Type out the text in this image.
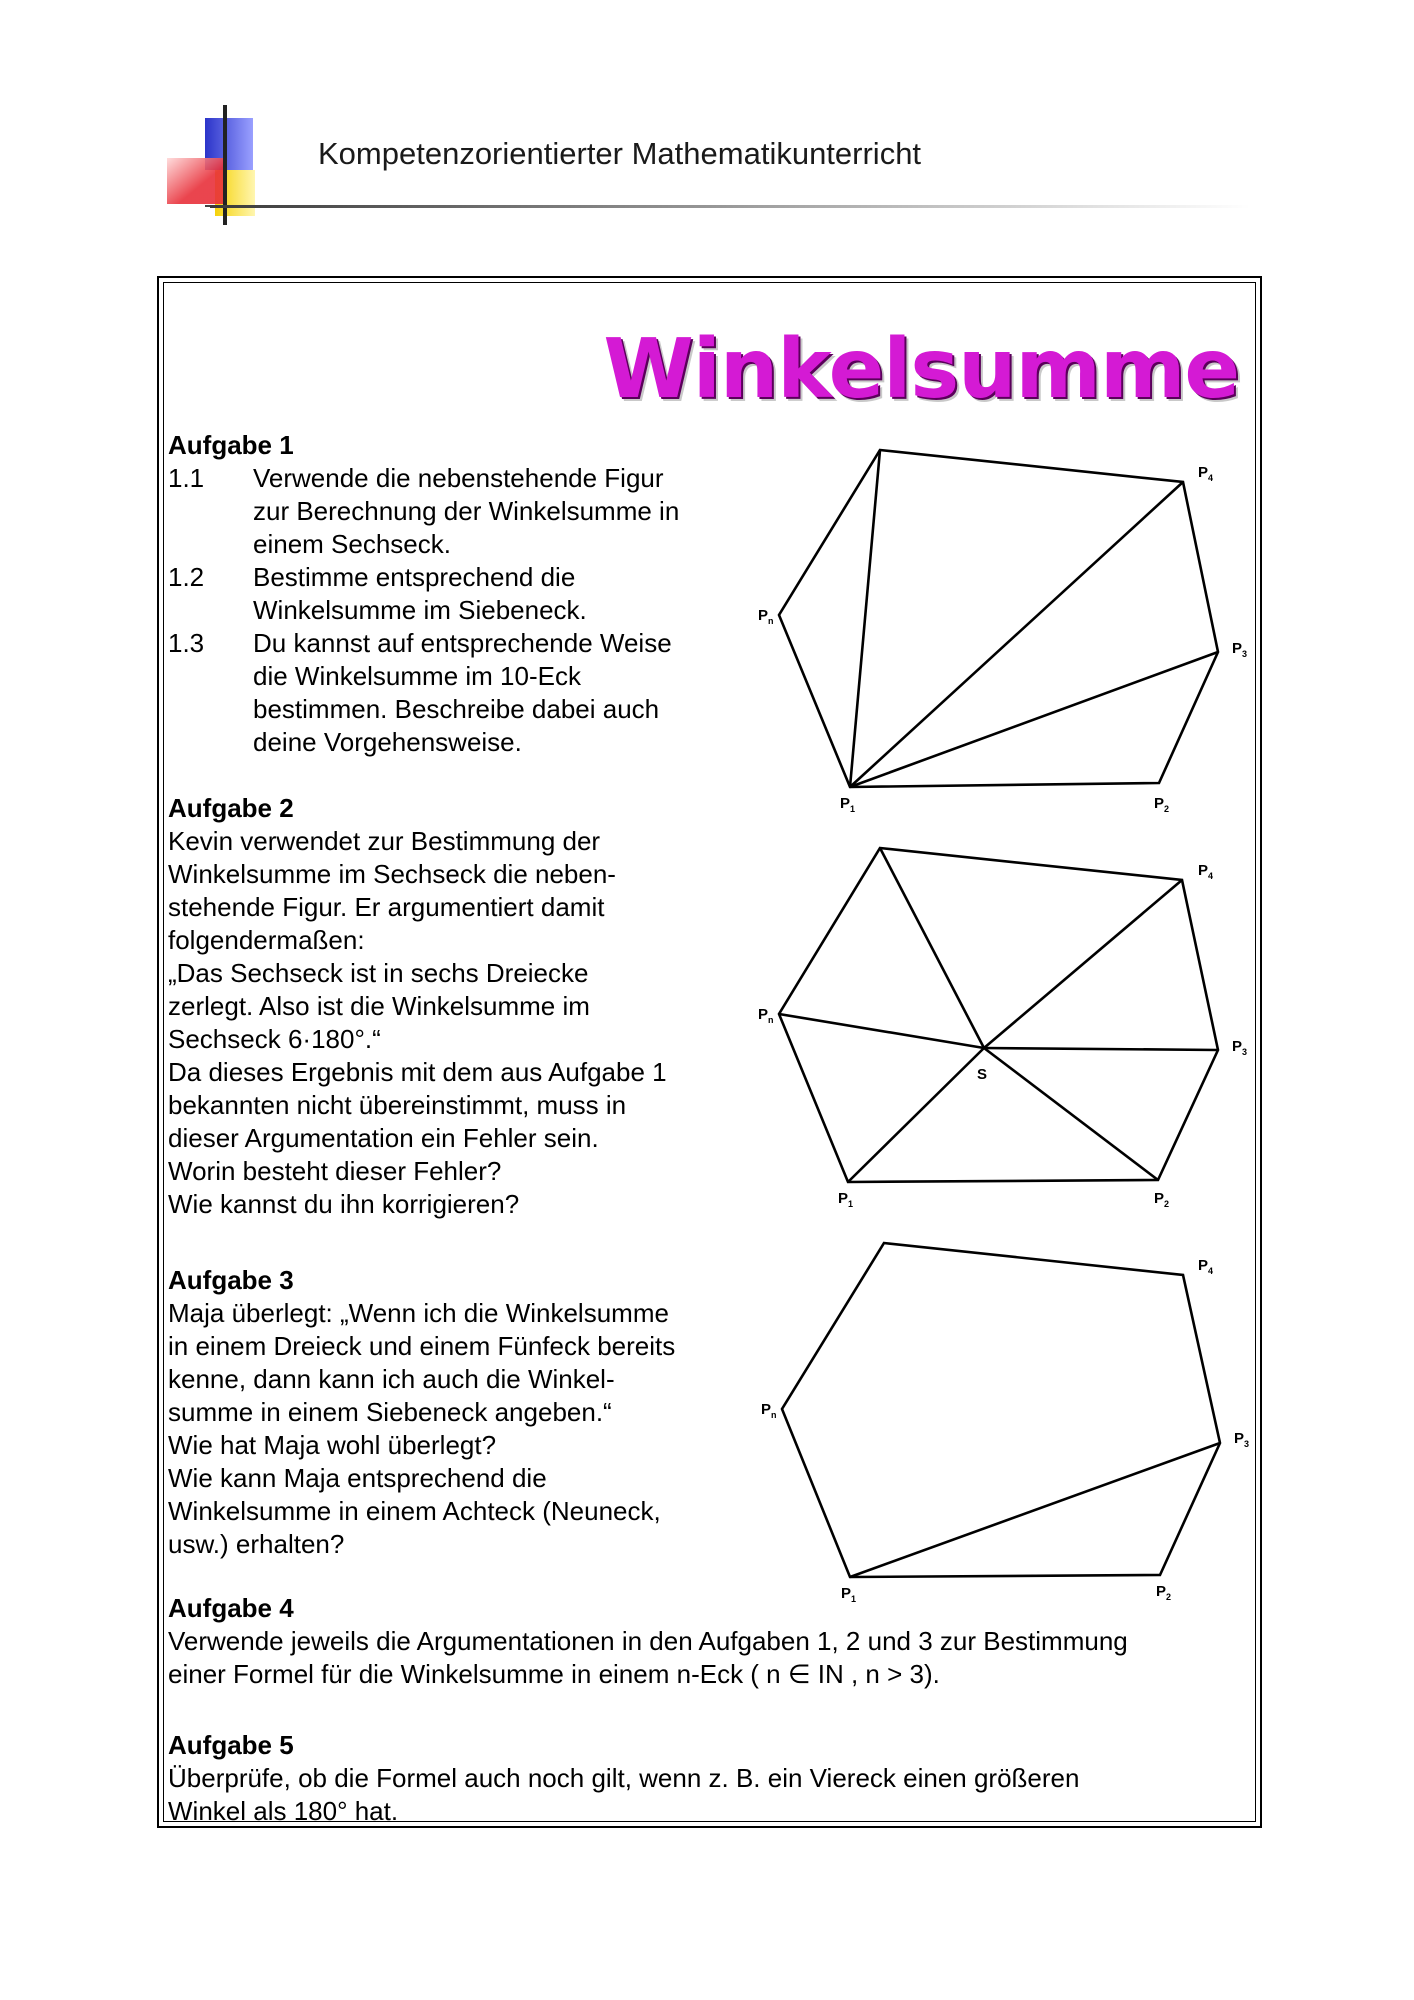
Kompetenzorientierter Mathematikunterricht
Winkelsumme
Aufgabe 1
1.1 Verwende die nebenstehende Figur
zur Berechnung der Winkelsumme in
einem Sechseck.
1.2 Bestimme entsprechend die
Winkelsumme im Siebeneck.
1.3 Du kannst auf entsprechende Weise
die Winkelsumme im 10-Eck
bestimmen. Beschreibe dabei auch
deine Vorgehensweise.
Aufgabe 2
Kevin verwendet zur Bestimmung der
Winkelsumme im Sechseck die neben-
stehende Figur. Er argumentiert damit
folgendermaßen:
„Das Sechseck ist in sechs Dreiecke
zerlegt. Also ist die Winkelsumme im
Sechseck 6·180°.“
Da dieses Ergebnis mit dem aus Aufgabe 1
bekannten nicht übereinstimmt, muss in
dieser Argumentation ein Fehler sein.
Worin besteht dieser Fehler?
Wie kannst du ihn korrigieren?
Aufgabe 3
Maja überlegt: „Wenn ich die Winkelsumme
in einem Dreieck und einem Fünfeck bereits
kenne, dann kann ich auch die Winkel-
summe in einem Siebeneck angeben.“
Wie hat Maja wohl überlegt?
Wie kann Maja entsprechend die
Winkelsumme in einem Achteck (Neuneck,
usw.) erhalten?
Aufgabe 4
Verwende jeweils die Argumentationen in den Aufgaben 1, 2 und 3 zur Bestimmung
einer Formel für die Winkelsumme in einem n-Eck ( n ∈ IN , n > 3).
Aufgabe 5
Überprüfe, ob die Formel auch noch gilt, wenn z. B. ein Viereck einen größeren
Winkel als 180° hat.
$P_n$
$P_4$
$P_3$
$P_1$	$P_2$
S
$P_n$
$P_4$
$P_3$
$P_1$	$P_2$
$P_n$
$P_4$
$P_3$
$P_1$	$P_2$
